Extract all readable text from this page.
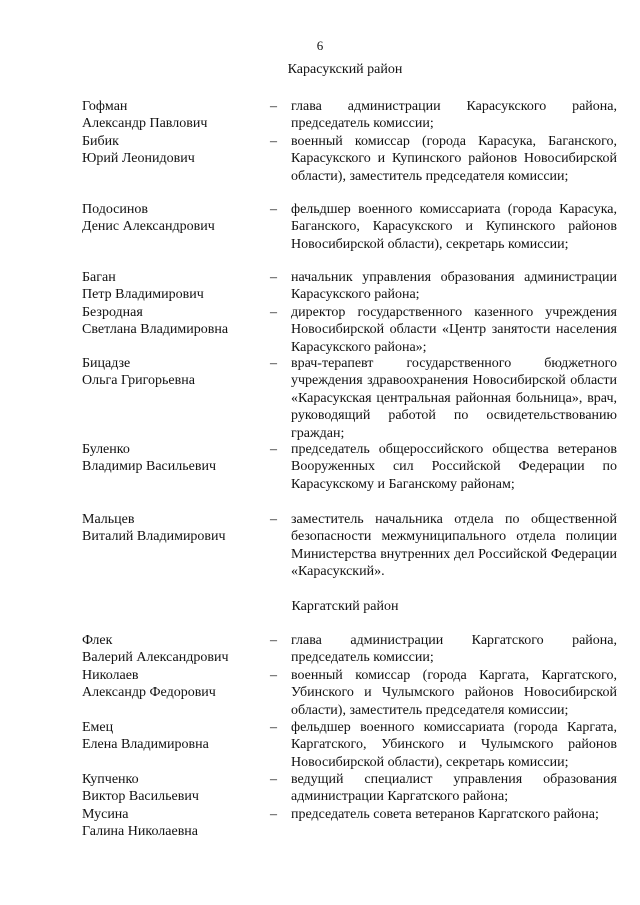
6
Карасукский район
Гофман
Александр Павлович
– глава администрации Карасукского района, председатель комиссии;
Бибик
Юрий Леонидович
– военный комиссар (города Карасука, Баганского, Карасукского и Купинского районов Новосибирской области), заместитель председателя комиссии;
Подосинов
Денис Александрович
– фельдшер военного комиссариата (города Карасука, Баганского, Карасукского и Купинского районов Новосибирской области), секретарь комиссии;
Баган
Петр Владимирович
– начальник управления образования администрации Карасукского района;
Безродная
Светлана Владимировна
– директор государственного казенного учреждения Новосибирской области «Центр занятости населения Карасукского района»;
Бицадзе
Ольга Григорьевна
– врач-терапевт государственного бюджетного учреждения здравоохранения Новосибирской области «Карасукская центральная районная больница», врач, руководящий работой по освидетельствованию граждан;
Буленко
Владимир Васильевич
– председатель общероссийского общества ветеранов Вооруженных сил Российской Федерации по Карасукскому и Баганскому районам;
Мальцев
Виталий Владимирович
– заместитель начальника отдела по общественной безопасности межмуниципального отдела полиции Министерства внутренних дел Российской Федерации «Карасукский».
Каргатский район
Флек
Валерий Александрович
– глава администрации Каргатского района, председатель комиссии;
Николаев
Александр Федорович
– военный комиссар (города Каргата, Каргатского, Убинского и Чулымского районов Новосибирской области), заместитель председателя комиссии;
Емец
Елена Владимировна
– фельдшер военного комиссариата (города Каргата, Каргатского, Убинского и Чулымского районов Новосибирской области), секретарь комиссии;
Купченко
Виктор Васильевич
– ведущий специалист управления образования администрации Каргатского района;
Мусина
Галина Николаевна
– председатель совета ветеранов Каргатского района;
